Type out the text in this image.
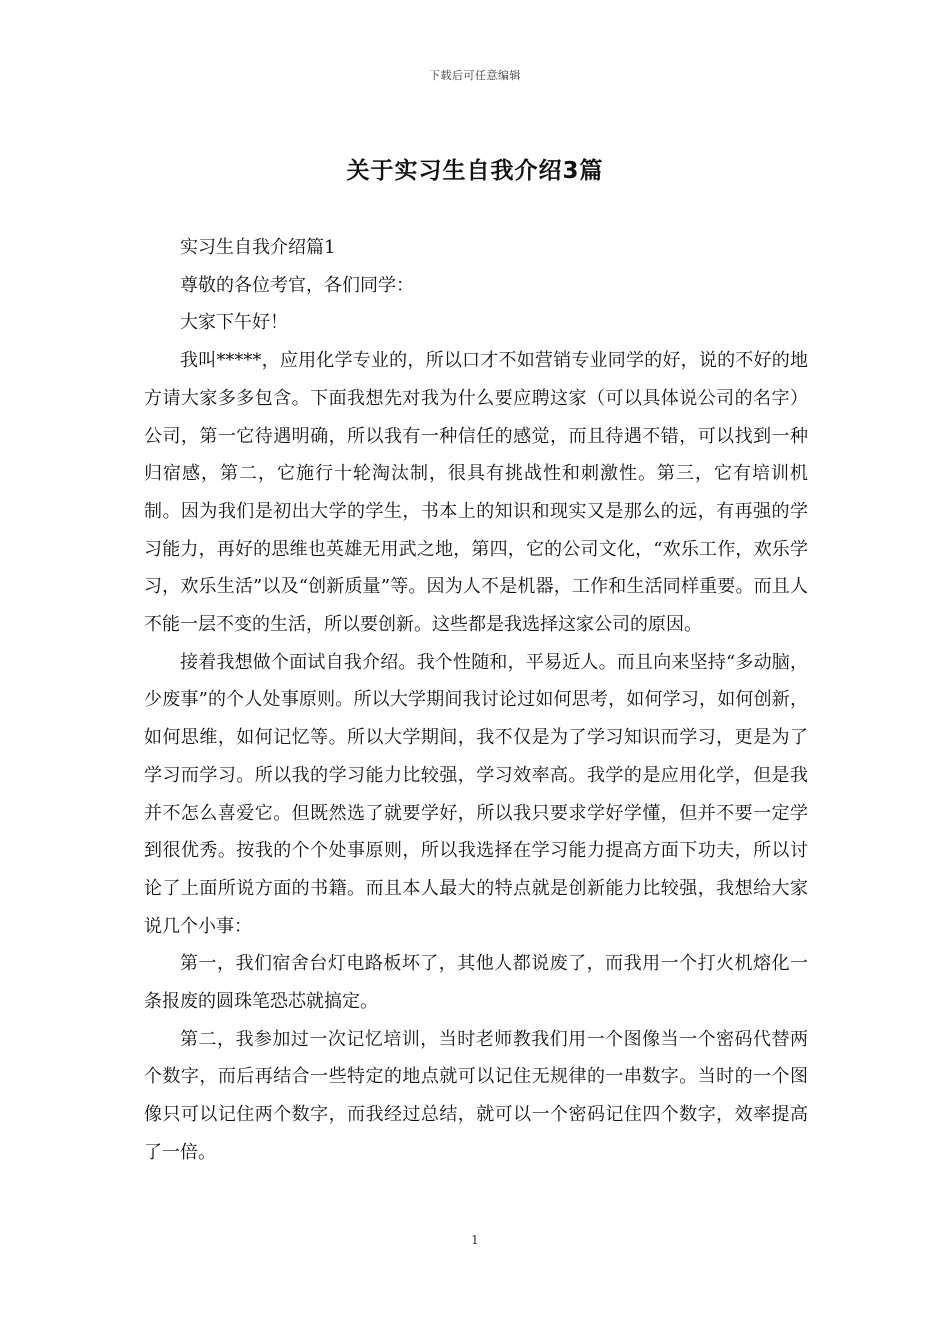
下载后可任意编辑
关于实习生自我介绍3篇

实习生自我介绍篇1

尊敬的各位考官，各们同学：

大家下午好！

我叫*****，应用化学专业的，所以口才不如营销专业同学的好，说的不好的地方请大家多多包含。下面我想先对我为什么要应聘这家（可以具体说公司的名字）公司，第一它待遇明确，所以我有一种信任的感觉，而且待遇不错，可以找到一种归宿感，第二，它施行十轮淘汰制，很具有挑战性和刺激性。第三，它有培训机制。因为我们是初出大学的学生，书本上的知识和现实又是那么的远，有再强的学习能力，再好的思维也英雄无用武之地，第四，它的公司文化，“欢乐工作，欢乐学习，欢乐生活”以及“创新质量”等。因为人不是机器，工作和生活同样重要。而且人不能一层不变的生活，所以要创新。这些都是我选择这家公司的原因。

接着我想做个面试自我介绍。我个性随和，平易近人。而且向来坚持“多动脑，少废事”的个人处事原则。所以大学期间我讨论过如何思考，如何学习，如何创新，如何思维，如何记忆等。所以大学期间，我不仅是为了学习知识而学习，更是为了学习而学习。所以我的学习能力比较强，学习效率高。我学的是应用化学，但是我并不怎么喜爱它。但既然选了就要学好，所以我只要求学好学懂，但并不要一定学到很优秀。按我的个个处事原则，所以我选择在学习能力提高方面下功夫，所以讨论了上面所说方面的书籍。而且本人最大的特点就是创新能力比较强，我想给大家说几个小事：

第一，我们宿舍台灯电路板坏了，其他人都说废了，而我用一个打火机熔化一条报废的圆珠笔恐芯就搞定。

第二，我参加过一次记忆培训，当时老师教我们用一个图像当一个密码代替两个数字，而后再结合一些特定的地点就可以记住无规律的一串数字。当时的一个图像只可以记住两个数字，而我经过总结，就可以一个密码记住四个数字，效率提高了一倍。

1
